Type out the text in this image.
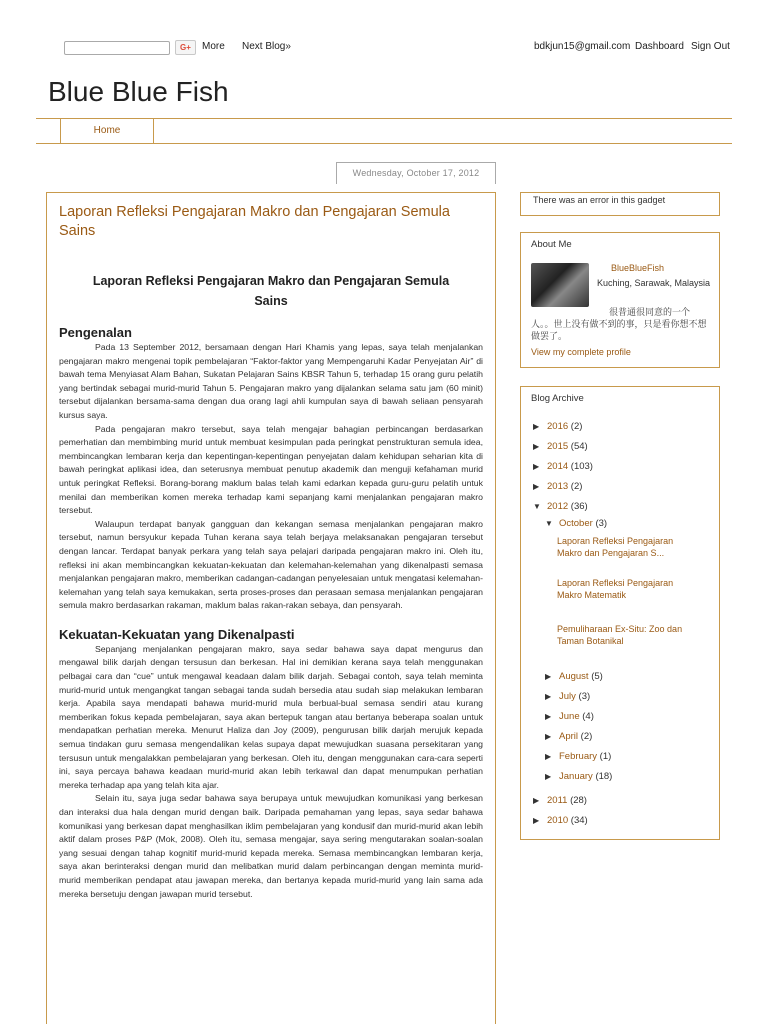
G+	More Next Blog»	bdkjun15@gmail.com Dashboard Sign Out
Blue Blue Fish
Home
Wednesday, October 17, 2012
Laporan Refleksi Pengajaran Makro dan Pengajaran Semula Sains
Laporan Refleksi Pengajaran Makro dan Pengajaran Semula Sains
Pengenalan

Pada 13 September 2012, bersamaan dengan Hari Khamis yang lepas, saya telah menjalankan pengajaran makro mengenai topik pembelajaran “Faktor-faktor yang Mempengaruhi Kadar Penyejatan Air” di bawah tema Menyiasat Alam Bahan, Sukatan Pelajaran Sains KBSR Tahun 5, terhadap 15 orang guru pelatih yang bertindak sebagai murid-murid Tahun 5. Pengajaran makro yang dijalankan selama satu jam (60 minit) tersebut dijalankan bersama-sama dengan dua orang lagi ahli kumpulan saya di bawah seliaan pensyarah kursus saya.

Pada pengajaran makro tersebut, saya telah mengajar bahagian perbincangan berdasarkan pemerhatian dan membimbing murid untuk membuat kesimpulan pada peringkat penstrukturan semula idea, membincangkan lembaran kerja dan kepentingan-kepentingan penyejatan dalam kehidupan seharian kita di bawah peringkat aplikasi idea, dan seterusnya membuat penutup akademik dan menguji kefahaman murid untuk peringkat Refleksi. Borang-borang maklum balas telah kami edarkan kepada guru-guru pelatih untuk menilai dan memberikan komen mereka terhadap kami sepanjang kami menjalankan pengajaran makro tersebut.

Walaupun terdapat banyak gangguan dan kekangan semasa menjalankan pengajaran makro tersebut, namun bersyukur kepada Tuhan kerana saya telah berjaya melaksanakan pengajaran tersebut dengan lancar. Terdapat banyak perkara yang telah saya pelajari daripada pengajaran makro ini. Oleh itu, refleksi ini akan membincangkan kekuatan-kekuatan dan kelemahan-kelemahan yang dikenalpasti semasa menjalankan pengajaran makro, memberikan cadangan-cadangan penyelesaian untuk mengatasi kelemahan-kelemahan yang telah saya kemukakan, serta proses-proses dan perasaan semasa menjalankan pengajaran semula makro berdasarkan rakaman, maklum balas rakan-rakan sebaya, dan pensyarah.

Kekuatan-Kekuatan yang Dikenalpasti

Sepanjang menjalankan pengajaran makro, saya sedar bahawa saya dapat mengurus dan mengawal bilik darjah dengan tersusun dan berkesan. Hal ini demikian kerana saya telah menggunakan pelbagai cara dan “cue” untuk mengawal keadaan dalam bilik darjah. Sebagai contoh, saya telah meminta murid-murid untuk mengangkat tangan sebagai tanda sudah bersedia atau sudah siap melakukan lembaran kerja. Apabila saya mendapati bahawa murid-murid mula berbual-bual semasa sendiri atau kurang memberikan fokus kepada pembelajaran, saya akan bertepuk tangan atau bertanya beberapa soalan untuk mendapatkan perhatian mereka. Menurut Haliza dan Joy (2009), pengurusan bilik darjah merujuk kepada semua tindakan guru semasa mengendalikan kelas supaya dapat mewujudkan suasana persekitaran yang tersusun untuk mengalakkan pembelajaran yang berkesan. Oleh itu, dengan menggunakan cara-cara seperti ini, saya percaya bahawa keadaan murid-murid akan lebih terkawal dan dapat menumpukan perhatian mereka terhadap apa yang telah kita ajar.

Selain itu, saya juga sedar bahawa saya berupaya untuk mewujudkan komunikasi yang berkesan dan interaksi dua hala dengan murid dengan baik. Daripada pemahaman yang lepas, saya sedar bahawa komunikasi yang berkesan dapat menghasilkan iklim pembelajaran yang kondusif dan murid-murid akan lebih aktif dalam proses P&P (Mok, 2008). Oleh itu, semasa mengajar, saya sering mengutarakan soalan-soalan yang sesuai dengan tahap kognitif murid-murid kepada mereka. Semasa membincangkan lembaran kerja, saya akan berinteraksi dengan murid dan melibatkan murid dalam perbincangan dengan meminta murid-murid memberikan pendapat atau jawapan mereka, dan bertanya kepada murid-murid yang lain sama ada mereka bersetuju dengan jawapan murid tersebut.

There was an error in this gadget
About Me
BlueBlueFish
Kuching, Sarawak, Malaysia
很普通很同意的一个人。。世上没有做不到的事，只是看你想不想做罢了。
View my complete profile
Blog Archive
▶ 2016 (2)
▶ 2015 (54)
▶ 2014 (103)
▶ 2013 (2)
▼ 2012 (36)
▼ October (3)
Laporan Refleksi Pengajaran Makro dan Pengajaran S...
Laporan Refleksi Pengajaran Makro Matematik
Pemuliharaan Ex-Situ: Zoo dan Taman Botanikal
▶ August (5)
▶ July (3)
▶ June (4)
▶ April (2)
▶ February (1)
▶ January (18)
▶ 2011 (28)
▶ 2010 (34)
